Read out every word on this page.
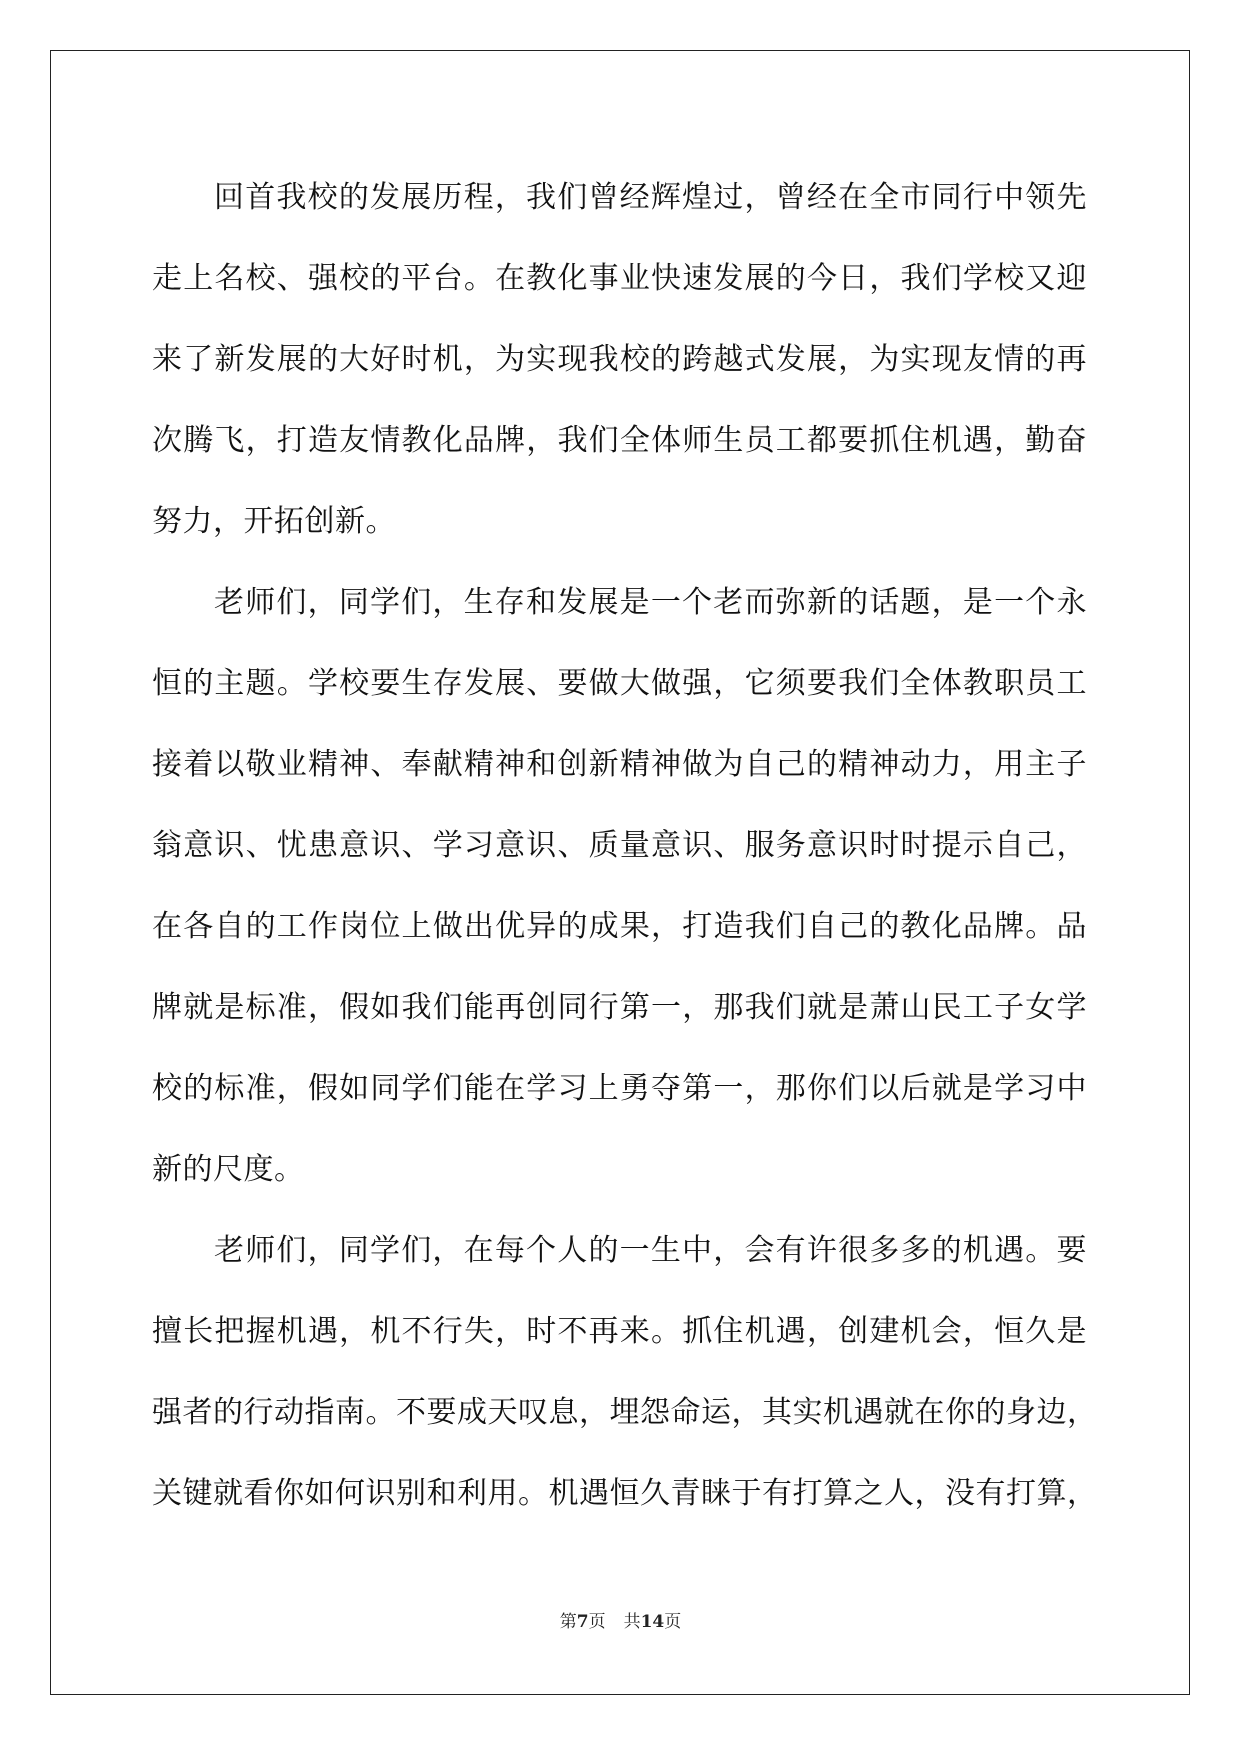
回首我校的发展历程，我们曾经辉煌过，曾经在全市同行中领先
走上名校、强校的平台。在教化事业快速发展的今日，我们学校又迎
来了新发展的大好时机，为实现我校的跨越式发展，为实现友情的再
次腾飞，打造友情教化品牌，我们全体师生员工都要抓住机遇，勤奋
努力，开拓创新。
老师们，同学们，生存和发展是一个老而弥新的话题，是一个永
恒的主题。学校要生存发展、要做大做强，它须要我们全体教职员工
接着以敬业精神、奉献精神和创新精神做为自己的精神动力，用主子
翁意识、忧患意识、学习意识、质量意识、服务意识时时提示自己，
在各自的工作岗位上做出优异的成果，打造我们自己的教化品牌。品
牌就是标准，假如我们能再创同行第一，那我们就是萧山民工子女学
校的标准，假如同学们能在学习上勇夺第一，那你们以后就是学习中
新的尺度。
老师们，同学们，在每个人的一生中，会有许很多多的机遇。要
擅长把握机遇，机不行失，时不再来。抓住机遇，创建机会，恒久是
强者的行动指南。不要成天叹息，埋怨命运，其实机遇就在你的身边，
关键就看你如何识别和利用。机遇恒久青睐于有打算之人，没有打算，
第7页 共14页
